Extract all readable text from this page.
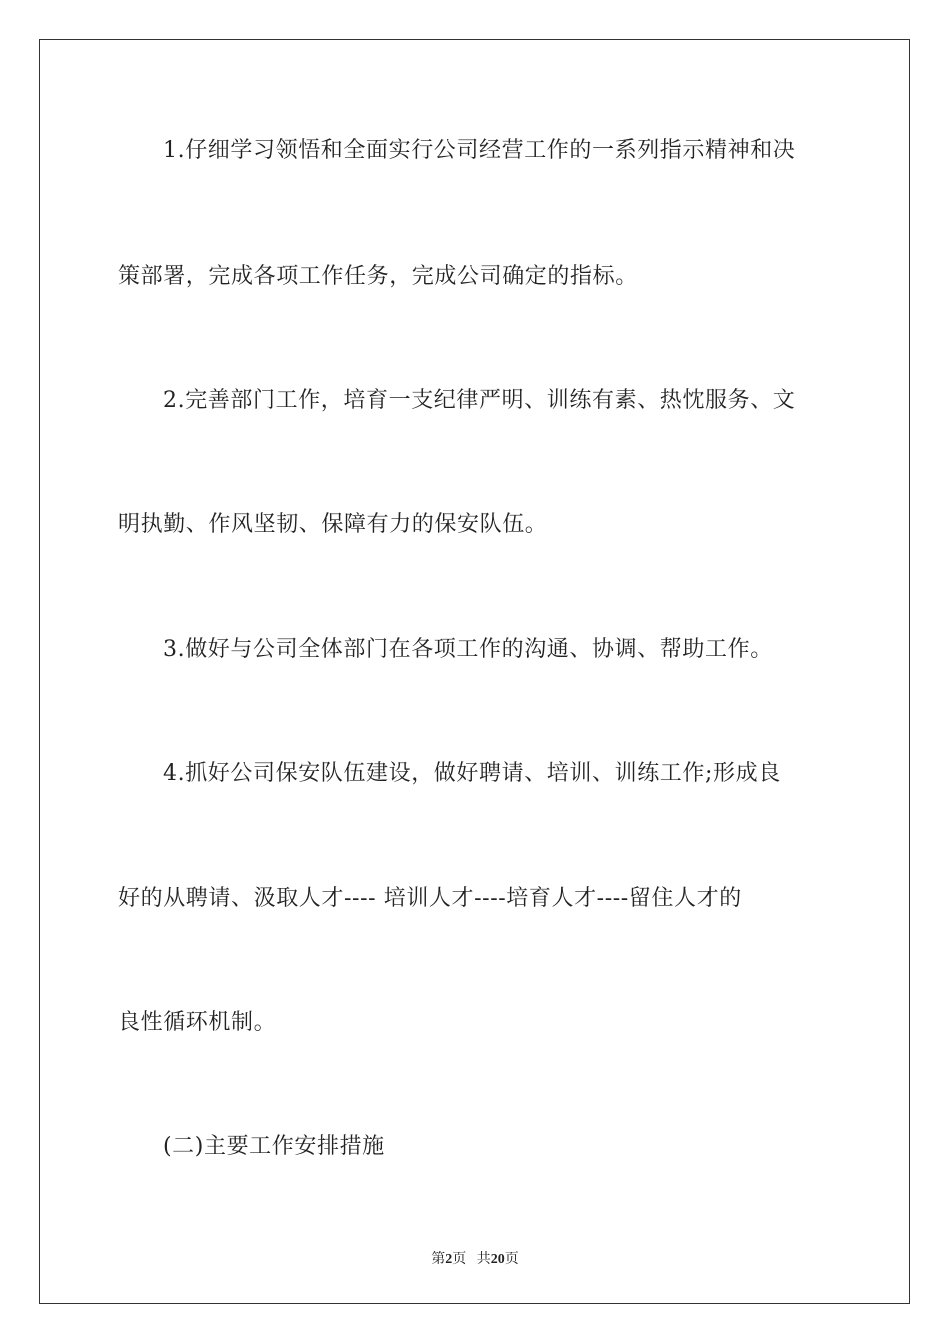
1.仔细学习领悟和全面实行公司经营工作的一系列指示精神和决
策部署，完成各项工作任务，完成公司确定的指标。
2.完善部门工作，培育一支纪律严明、训练有素、热忱服务、文
明执勤、作风坚韧、保障有力的保安队伍。
3.做好与公司全体部门在各项工作的沟通、协调、帮助工作。
4.抓好公司保安队伍建设，做好聘请、培训、训练工作;形成良
好的从聘请、汲取人才---- 培训人才----培育人才----留住人才的
良性循环机制。
(二)主要工作安排措施
第2页 共20页
